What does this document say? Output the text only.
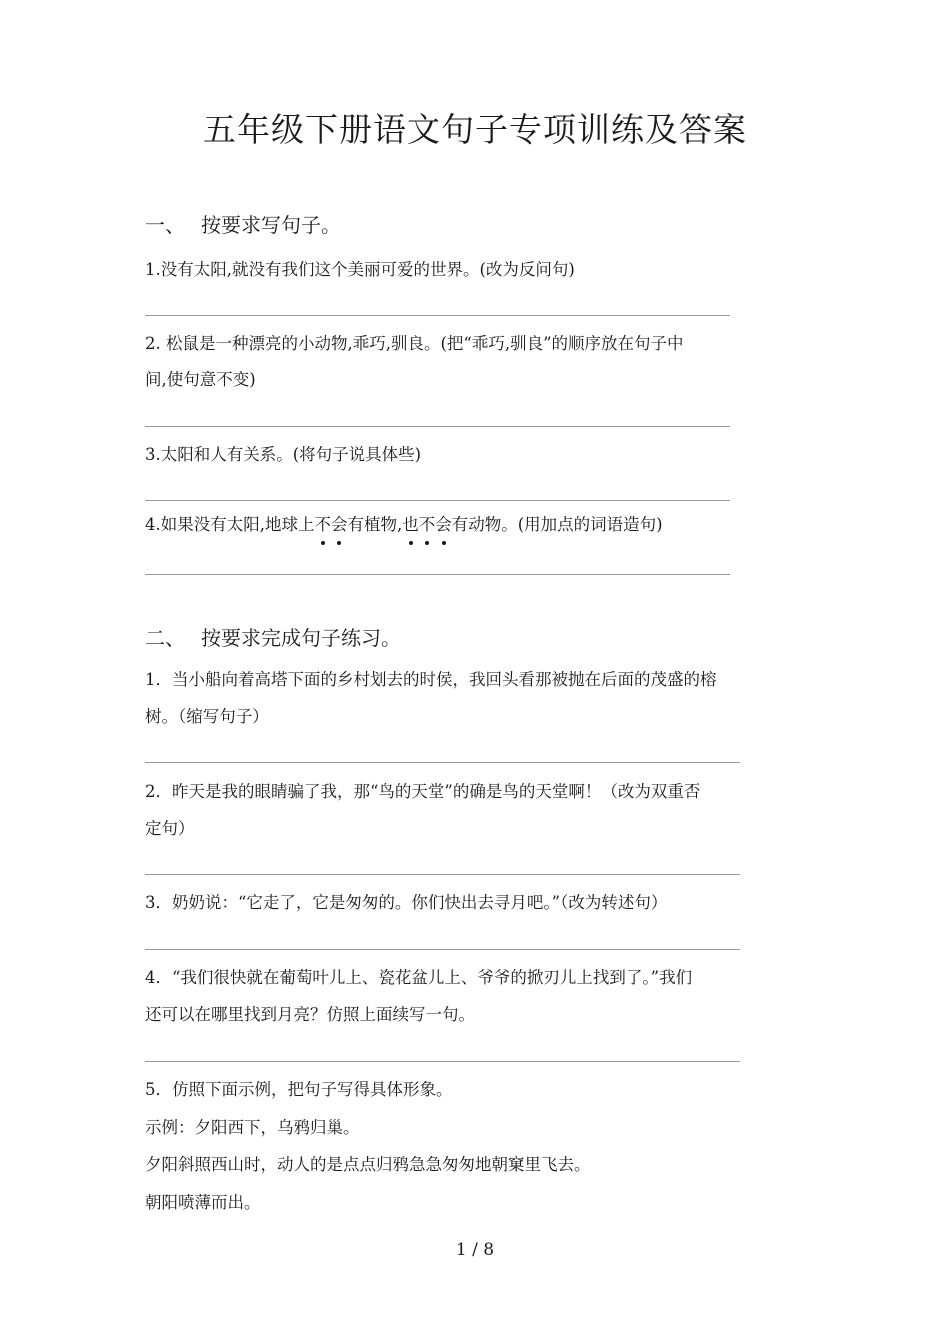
五年级下册语文句子专项训练及答案
一、 按要求写句子。
1.没有太阳,就没有我们这个美丽可爱的世界。(改为反问句)
2. 松鼠是一种漂亮的小动物,乖巧,驯良。(把“乖巧,驯良”的顺序放在句子中
间,使句意不变)
3.太阳和人有关系。(将句子说具体些)
4.如果没有太阳,地球上不会有植物,也不会有动物。(用加点的词语造句)
二、 按要求完成句子练习。
1．当小船向着高塔下面的乡村划去的时侯，我回头看那被抛在后面的茂盛的榕
树。（缩写句子）
2．昨天是我的眼睛骗了我，那“鸟的天堂”的确是鸟的天堂啊！（改为双重否
定句）
3．奶奶说：“它走了，它是匆匆的。你们快出去寻月吧。”（改为转述句）
4．“我们很快就在葡萄叶儿上、瓷花盆儿上、爷爷的掀刃儿上找到了。”我们
还可以在哪里找到月亮？仿照上面续写一句。
5．仿照下面示例，把句子写得具体形象。
示例：夕阳西下，乌鸦归巢。
夕阳斜照西山时，动人的是点点归鸦急急匆匆地朝窠里飞去。
朝阳喷薄而出。
1 / 8
